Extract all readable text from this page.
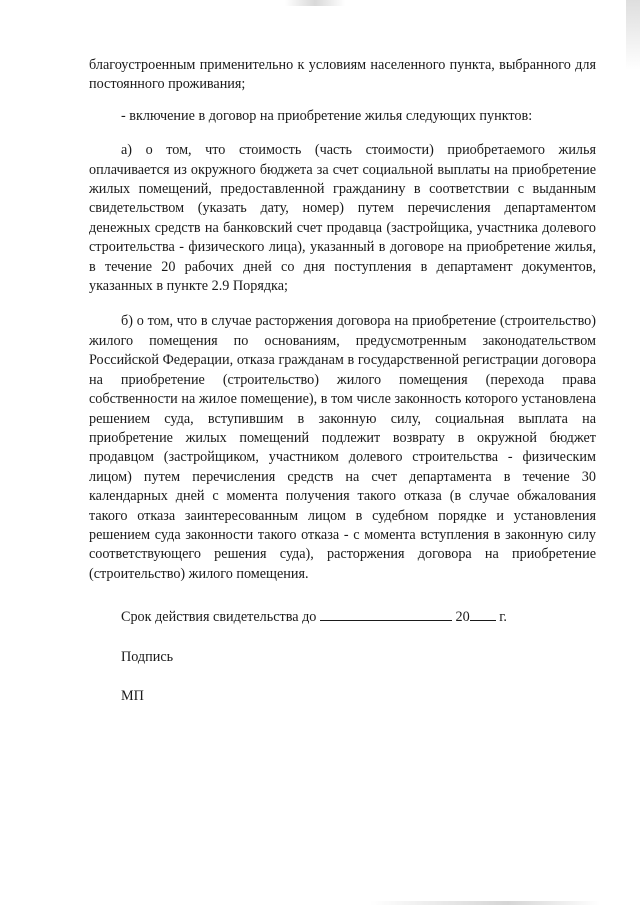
благоустроенным применительно к условиям населенного пункта, выбранного для постоянного проживания;

- включение в договор на приобретение жилья следующих пунктов:

а) о том, что стоимость (часть стоимости) приобретаемого жилья оплачивается из окружного бюджета за счет социальной выплаты на приобретение жилых помещений, предоставленной гражданину в соответствии с выданным свидетельством (указать дату, номер) путем перечисления департаментом денежных средств на банковский счет продавца (застройщика, участника долевого строительства - физического лица), указанный в договоре на приобретение жилья, в течение 20 рабочих дней со дня поступления в департамент документов, указанных в пункте 2.9 Порядка;

б) о том, что в случае расторжения договора на приобретение (строительство) жилого помещения по основаниям, предусмотренным законодательством Российской Федерации, отказа гражданам в государственной регистрации договора на приобретение (строительство) жилого помещения (перехода права собственности на жилое помещение), в том числе законность которого установлена решением суда, вступившим в законную силу, социальная выплата на приобретение жилых помещений подлежит возврату в окружной бюджет продавцом (застройщиком, участником долевого строительства - физическим лицом) путем перечисления средств на счет департамента в течение 30 календарных дней с момента получения такого отказа (в случае обжалования такого отказа заинтересованным лицом в судебном порядке и установления решением суда законности такого отказа - с момента вступления в законную силу соответствующего решения суда), расторжения договора на приобретение (строительство) жилого помещения.

Срок действия свидетельства до	20 г.
Подпись
МП
